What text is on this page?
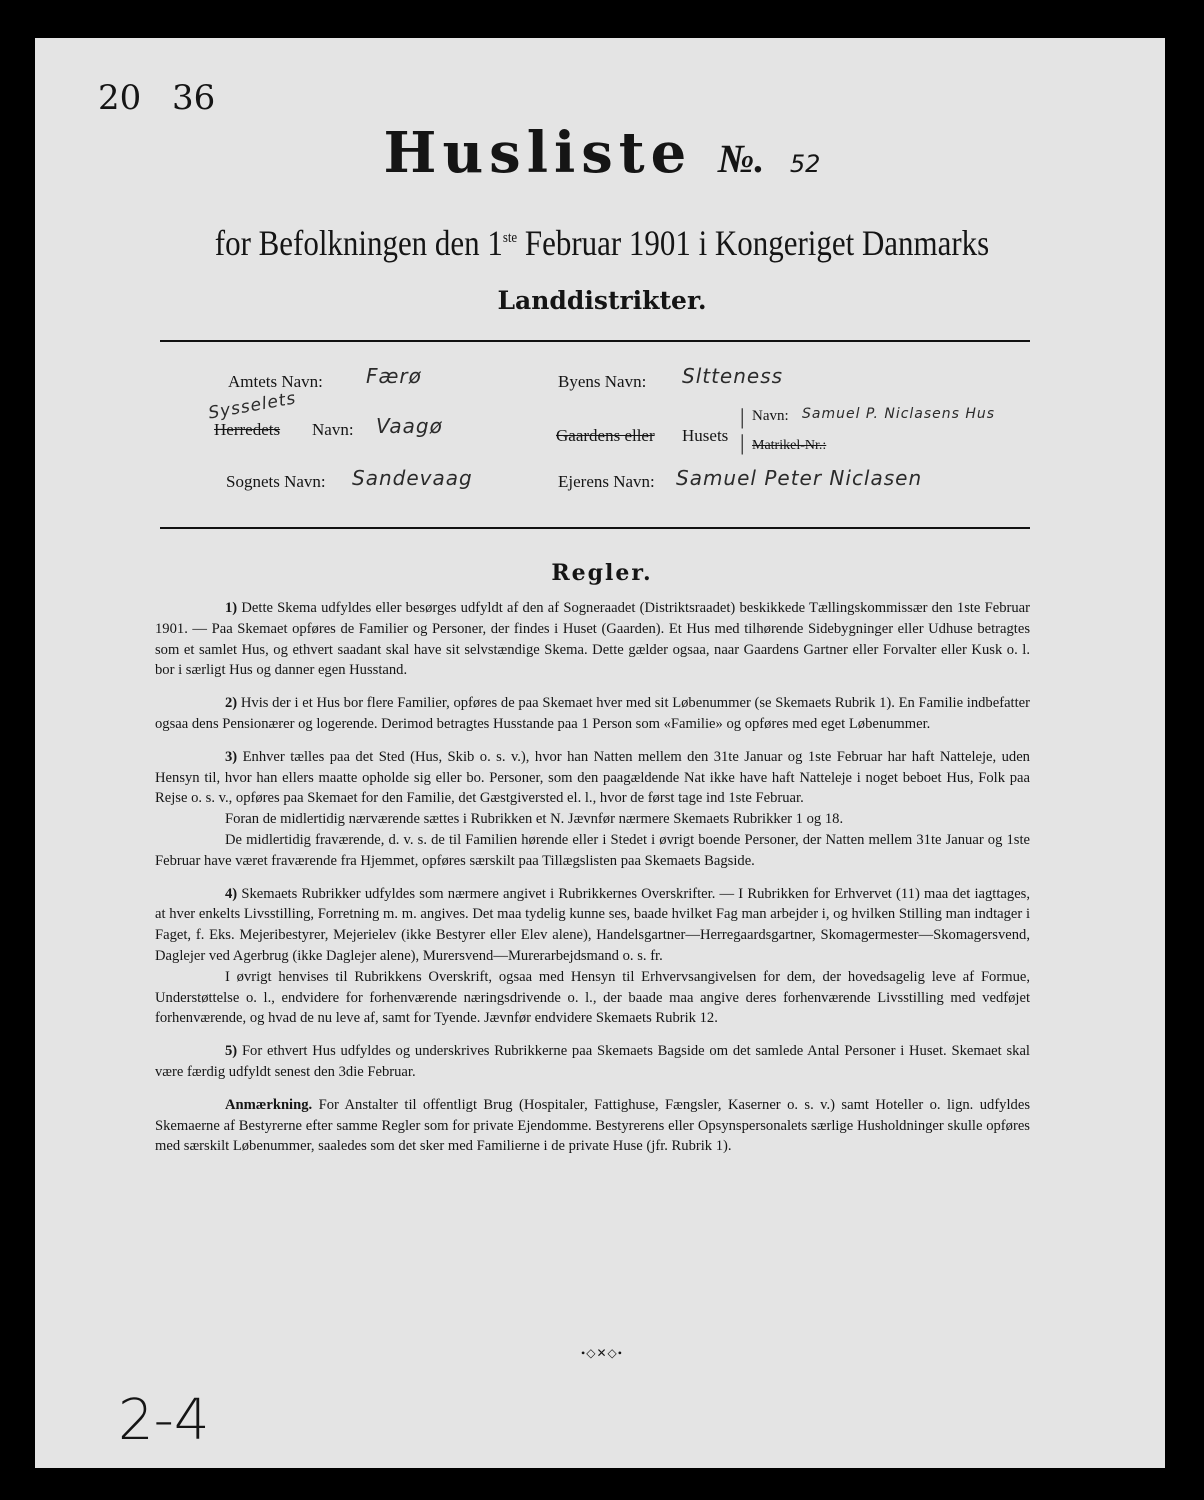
20 36
Husliste №. 52
for Befolkningen den 1ste Februar 1901 i Kongeriget Danmarks
Landdistrikter.
Amtets Navn: Færø
Sysselets
Herredets Navn: Vaagø
Sognets Navn: Sandevaag
Byens Navn: Sltteness
Gaardens eller Husets
|
|
Navn: Samuel P. Niclasens Hus
Matrikel-Nr.:
Ejerens Navn: Samuel Peter Niclasen
Regler.

1) Dette Skema udfyldes eller besørges udfyldt af den af Sogneraadet (Distriktsraadet) beskikkede Tællingskommissær den 1ste Februar 1901. — Paa Skemaet opføres de Familier og Personer, der findes i Huset (Gaarden). Et Hus med tilhørende Sidebygninger eller Udhuse betragtes som et samlet Hus, og ethvert saadant skal have sit selvstændige Skema. Dette gælder ogsaa, naar Gaardens Gartner eller Forvalter eller Kusk o. l. bor i særligt Hus og danner egen Husstand.

2) Hvis der i et Hus bor flere Familier, opføres de paa Skemaet hver med sit Løbenummer (se Skemaets Rubrik 1). En Familie indbefatter ogsaa dens Pensionærer og logerende. Derimod betragtes Husstande paa 1 Person som «Familie» og opføres med eget Løbenummer.

3) Enhver tælles paa det Sted (Hus, Skib o. s. v.), hvor han Natten mellem den 31te Januar og 1ste Februar har haft Natteleje, uden Hensyn til, hvor han ellers maatte opholde sig eller bo. Personer, som den paagældende Nat ikke have haft Natteleje i noget beboet Hus, Folk paa Rejse o. s. v., opføres paa Skemaet for den Familie, det Gæstgiversted el. l., hvor de først tage ind 1ste Februar.

Foran de midlertidig nærværende sættes i Rubrikken et N. Jævnfør nærmere Skemaets Rubrikker 1 og 18.

De midlertidig fraværende, d. v. s. de til Familien hørende eller i Stedet i øvrigt boende Personer, der Natten mellem 31te Januar og 1ste Februar have været fraværende fra Hjemmet, opføres særskilt paa Tillægslisten paa Skemaets Bagside.

4) Skemaets Rubrikker udfyldes som nærmere angivet i Rubrikkernes Overskrifter. — I Rubrikken for Erhvervet (11) maa det iagttages, at hver enkelts Livsstilling, Forretning m. m. angives. Det maa tydelig kunne ses, baade hvilket Fag man arbejder i, og hvilken Stilling man indtager i Faget, f. Eks. Mejeribestyrer, Mejerielev (ikke Bestyrer eller Elev alene), Handelsgartner—Herregaardsgartner, Skomagermester—Skomagersvend, Daglejer ved Agerbrug (ikke Daglejer alene), Murersvend—Murerarbejdsmand o. s. fr.

I øvrigt henvises til Rubrikkens Overskrift, ogsaa med Hensyn til Erhvervsangivelsen for dem, der hovedsagelig leve af Formue, Understøttelse o. l., endvidere for forhenværende næringsdrivende o. l., der baade maa angive deres forhenværende Livsstilling med vedføjet forhenværende, og hvad de nu leve af, samt for Tyende. Jævnfør endvidere Skemaets Rubrik 12.

5) For ethvert Hus udfyldes og underskrives Rubrikkerne paa Skemaets Bagside om det samlede Antal Personer i Huset. Skemaet skal være færdig udfyldt senest den 3die Februar.

Anmærkning. For Anstalter til offentligt Brug (Hospitaler, Fattighuse, Fængsler, Kaserner o. s. v.) samt Hoteller o. lign. udfyldes Skemaerne af Bestyrerne efter samme Regler som for private Ejendomme. Bestyrerens eller Opsynspersonalets særlige Husholdninger skulle opføres med særskilt Løbenummer, saaledes som det sker med Familierne i de private Huse (jfr. Rubrik 1).

•◇✕◇•
2-4
